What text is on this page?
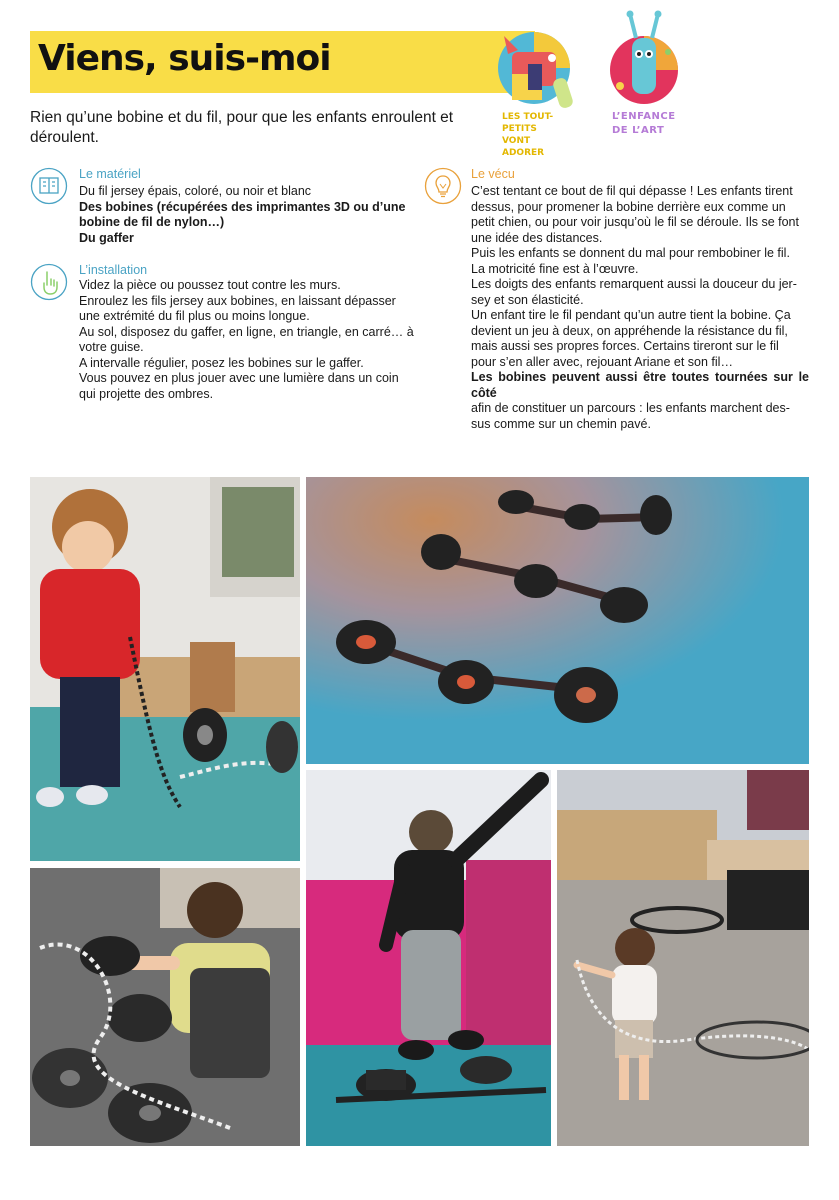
Viens, suis-moi

Rien qu’une bobine et du fil, pour que les enfants enroulent et déroulent.

LES TOUT-PETITS
VONT ADORER
L’ENFANCE
DE L’ART
Le matériel

Du fil jersey épais, coloré, ou noir et blanc

Des bobines (récupérées des imprimantes 3D ou d’une

bobine de fil de nylon…)

Du gaffer

L’installation

Videz la pièce ou poussez tout contre les murs.

Enroulez les fils jersey aux bobines, en laissant dépasser

une extrémité du fil plus ou moins longue.

Au sol, disposez du gaffer, en ligne, en triangle, en carré… à

votre guise.

A intervalle régulier, posez les bobines sur le gaffer.

Vous pouvez en plus jouer avec une lumière dans un coin

qui projette des ombres.

Le vécu

C’est tentant ce bout de fil qui dépasse ! Les enfants tirent

dessus, pour promener la bobine derrière eux comme un

petit chien, ou pour voir jusqu’où le fil se déroule. Ils se font

une idée des distances.

Puis les enfants se donnent du mal pour rembobiner le fil.

La motricité fine est à l’œuvre.

Les doigts des enfants remarquent aussi la douceur du jer-

sey et son élasticité.

Un enfant tire le fil pendant qu’un autre tient la bobine. Ça

devient un jeu à deux, on appréhende la résistance du fil,

mais aussi ses propres forces. Certains tireront sur le fil

pour s’en aller avec, rejouant Ariane et son fil…

Les bobines peuvent aussi être toutes tournées sur le côté

afin de constituer un parcours : les enfants marchent des-

sus comme sur un chemin pavé.
